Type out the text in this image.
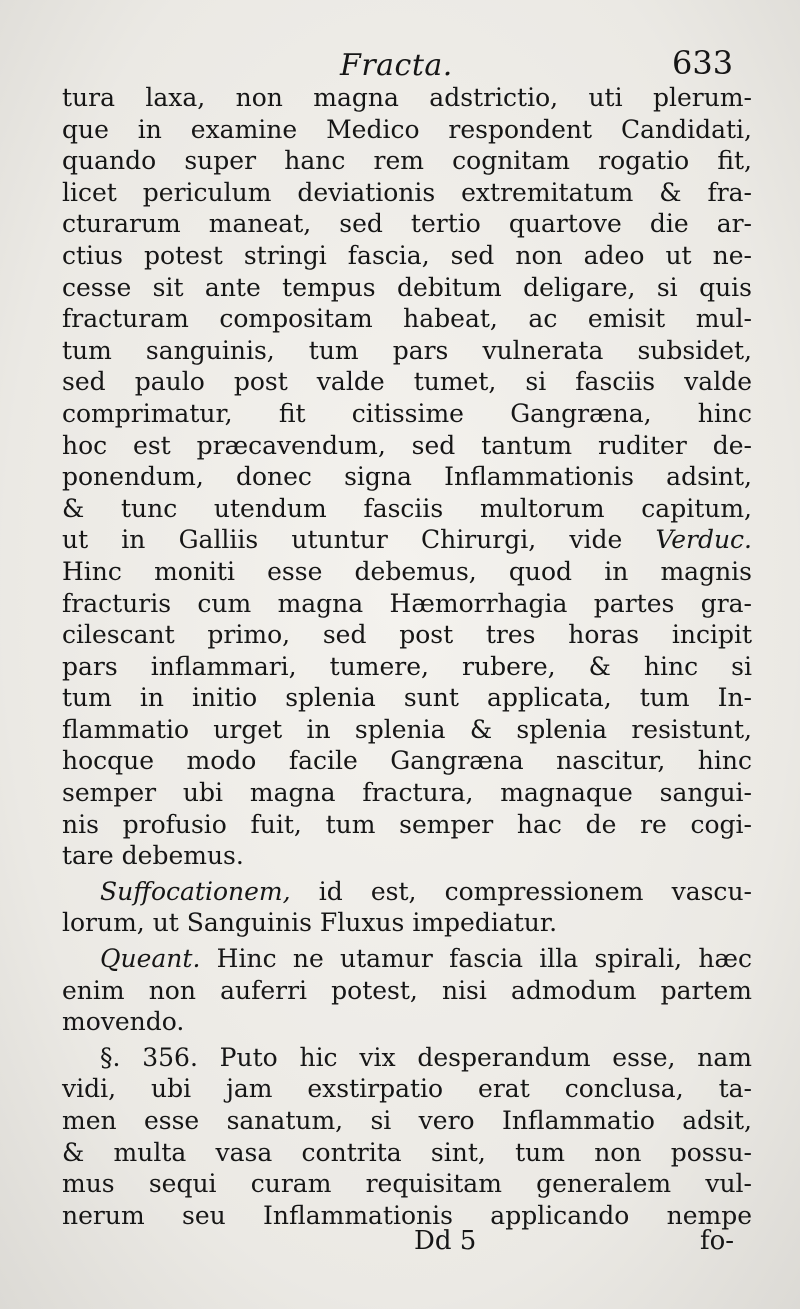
Fracta.	633
tura laxa, non magna adstrictio, uti plerum-
que in examine Medico respondent Candidati,
quando super hanc rem cognitam rogatio fit,
licet periculum deviationis extremitatum & fra-
cturarum maneat, sed tertio quartove die ar-
ctius potest stringi fascia, sed non adeo ut ne-
cesse sit ante tempus debitum deligare, si quis
fracturam compositam habeat, ac emisit mul-
tum sanguinis, tum pars vulnerata subsidet,
sed paulo post valde tumet, si fasciis valde
comprimatur, fit citissime Gangræna, hinc
hoc est præcavendum, sed tantum ruditer de-
ponendum, donec signa Inflammationis adsint,
& tunc utendum fasciis multorum capitum,
ut in Galliis utuntur Chirurgi, vide Verduc.
Hinc moniti esse debemus, quod in magnis
fracturis cum magna Hæmorrhagia partes gra-
cilescant primo, sed post tres horas incipit
pars inflammari, tumere, rubere, & hinc si
tum in initio splenia sunt applicata, tum In-
flammatio urget in splenia & splenia resistunt,
hocque modo facile Gangræna nascitur, hinc
semper ubi magna fractura, magnaque sangui-
nis profusio fuit, tum semper hac de re cogi-
tare debemus.
Suffocationem, id est, compressionem vascu-
lorum, ut Sanguinis Fluxus impediatur.
Queant. Hinc ne utamur fascia illa spirali, hæc
enim non auferri potest, nisi admodum partem
movendo.
§. 356. Puto hic vix desperandum esse, nam
vidi, ubi jam exstirpatio erat conclusa, ta-
men esse sanatum, si vero Inflammatio adsit,
& multa vasa contrita sint, tum non possu-
mus sequi curam requisitam generalem vul-
nerum seu Inflammationis applicando nempe
Dd 5	fo-
